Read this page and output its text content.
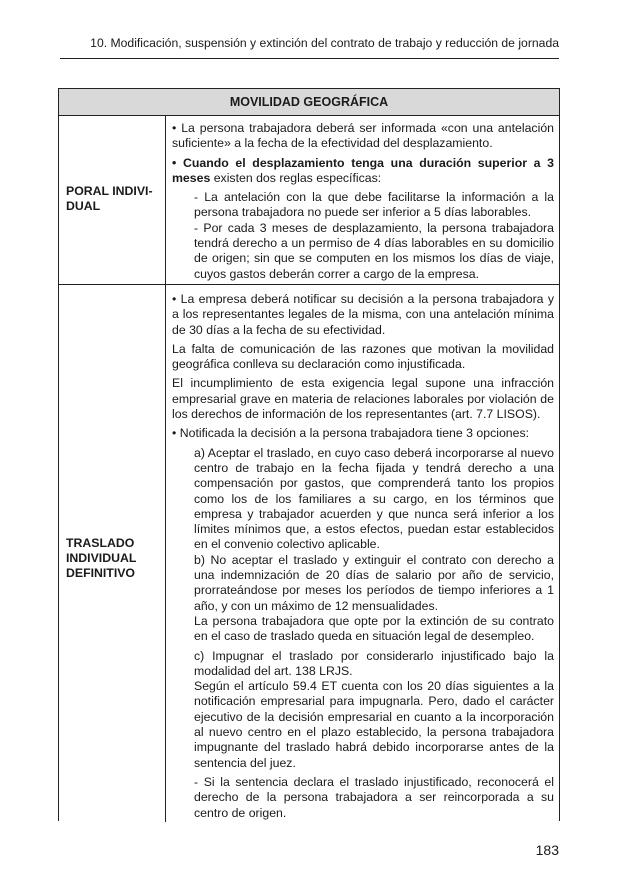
10. Modificación, suspensión y extinción del contrato de trabajo y reducción de jornada
MOVILIDAD GEOGRÁFICA
PORAL INDIVI-
DUAL

• La persona trabajadora deberá ser informada «con una antelación suficiente» a la fecha de la efectividad del desplazamiento.

• Cuando el desplazamiento tenga una duración superior a 3 meses existen dos reglas específicas:

- La antelación con la que debe facilitarse la información a la persona trabajadora no puede ser inferior a 5 días laborables.

- Por cada 3 meses de desplazamiento, la persona trabajadora tendrá derecho a un permiso de 4 días laborables en su domicilio de origen; sin que se computen en los mismos los días de viaje, cuyos gastos deberán correr a cargo de la empresa.

TRASLADO
INDIVIDUAL
DEFINITIVO

• La empresa deberá notificar su decisión a la persona trabajadora y a los representantes legales de la misma, con una antelación mínima de 30 días a la fecha de su efectividad.

La falta de comunicación de las razones que motivan la movilidad geográfica conlleva su declaración como injustificada.

El incumplimiento de esta exigencia legal supone una infracción empresarial grave en materia de relaciones laborales por violación de los derechos de información de los representantes (art. 7.7 LISOS).

• Notificada la decisión a la persona trabajadora tiene 3 opciones:

a) Aceptar el traslado, en cuyo caso deberá incorporarse al nuevo centro de trabajo en la fecha fijada y tendrá derecho a una compensación por gastos, que comprenderá tanto los propios como los de los familiares a su cargo, en los términos que empresa y trabajador acuerden y que nunca será inferior a los límites mínimos que, a estos efectos, puedan estar establecidos en el convenio colectivo aplicable.

b) No aceptar el traslado y extinguir el contrato con derecho a una indemnización de 20 días de salario por año de servicio, prorrateándose por meses los períodos de tiempo inferiores a 1 año, y con un máximo de 12 mensualidades.

La persona trabajadora que opte por la extinción de su contrato en el caso de traslado queda en situación legal de desempleo.

c) Impugnar el traslado por considerarlo injustificado bajo la modalidad del art. 138 LRJS.

Según el artículo 59.4 ET cuenta con los 20 días siguientes a la notificación empresarial para impugnarla. Pero, dado el carácter ejecutivo de la decisión empresarial en cuanto a la incorporación al nuevo centro en el plazo establecido, la persona trabajadora impugnante del traslado habrá debido incorporarse antes de la sentencia del juez.

- Si la sentencia declara el traslado injustificado, reconocerá el derecho de la persona trabajadora a ser reincorporada a su centro de origen.

183
